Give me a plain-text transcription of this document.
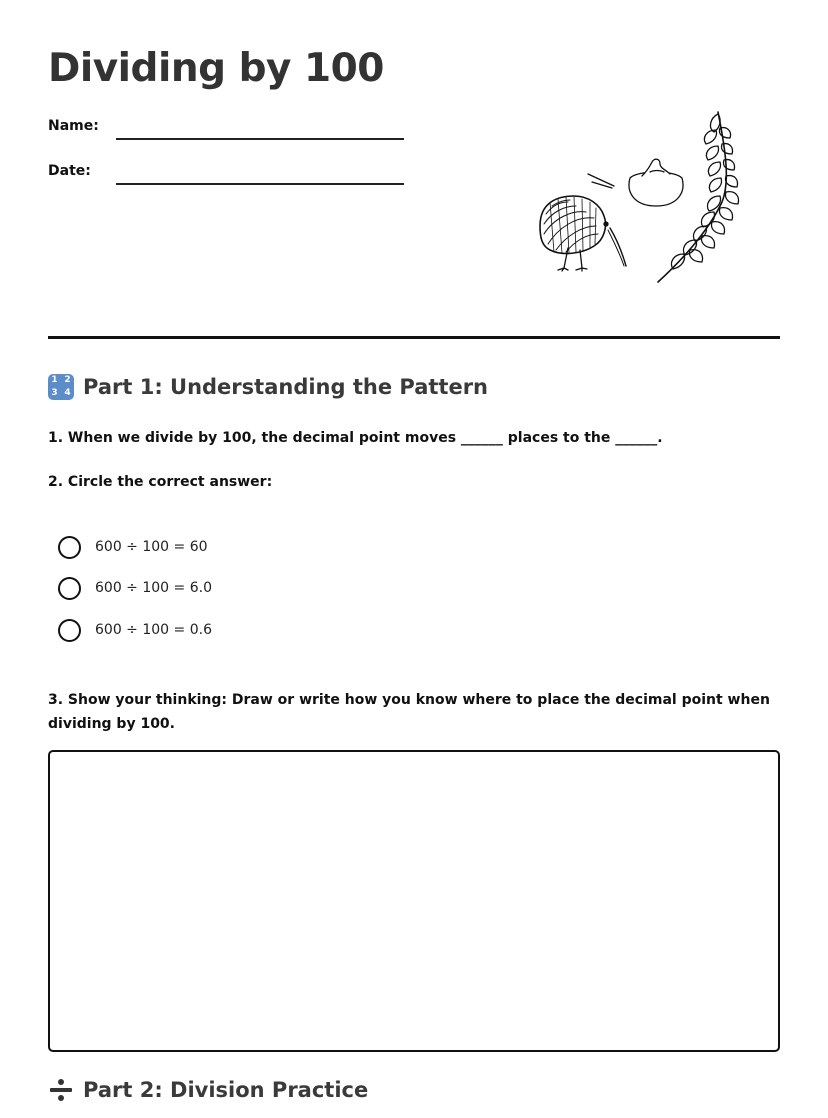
Dividing by 100
Name:
Date:
1 2
3 4 Part 1: Understanding the Pattern

1. When we divide by 100, the decimal point moves ______ places to the ______.

2. Circle the correct answer:

600 ÷ 100 = 60
600 ÷ 100 = 6.0
600 ÷ 100 = 0.6

3. Show your thinking: Draw or write how you know where to place the decimal point when dividing by 100.

Part 2: Division Practice
